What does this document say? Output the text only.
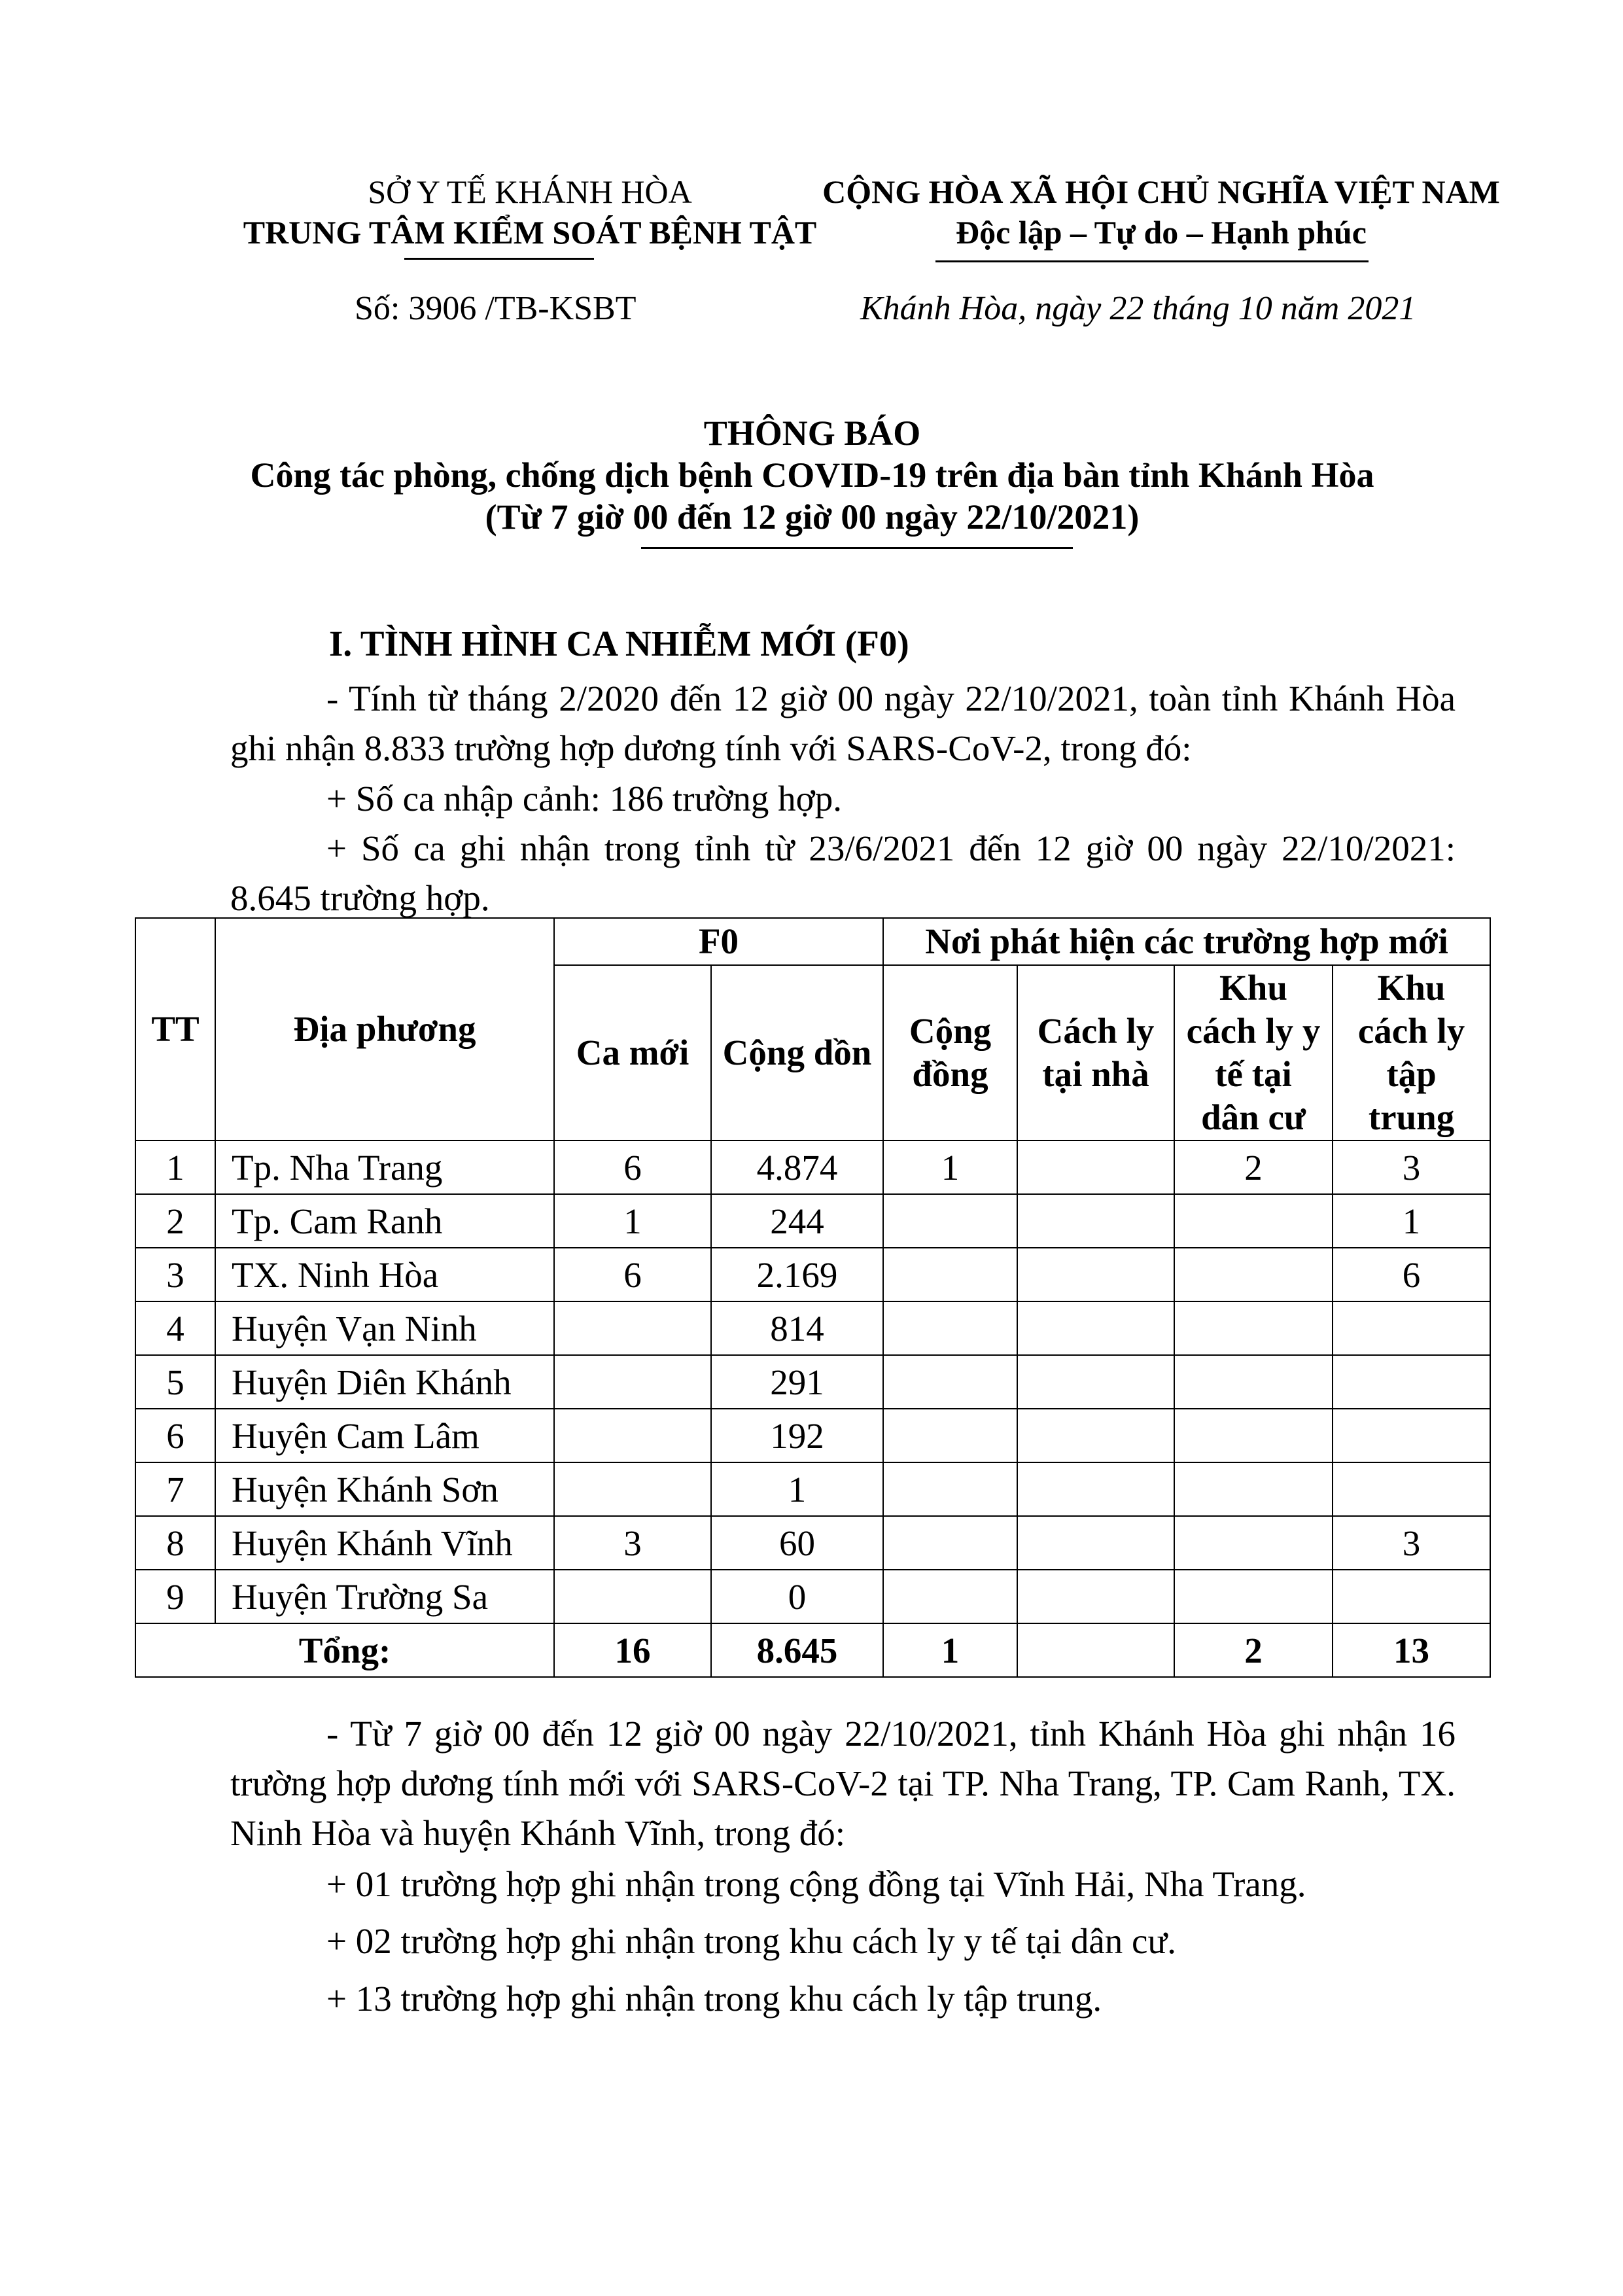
SỞ Y TẾ KHÁNH HÒA
TRUNG TÂM KIỂM SOÁT BỆNH TẬT
CỘNG HÒA XÃ HỘI CHỦ NGHĨA VIỆT NAM
Độc lập – Tự do – Hạnh phúc
Số: 3906 /TB-KSBT	Khánh Hòa, ngày 22 tháng 10 năm 2021
THÔNG BÁO
Công tác phòng, chống dịch bệnh COVID-19 trên địa bàn tỉnh Khánh Hòa
(Từ 7 giờ 00 đến 12 giờ 00 ngày 22/10/2021)
I. TÌNH HÌNH CA NHIỄM MỚI (F0)
- Tính từ tháng 2/2020 đến 12 giờ 00 ngày 22/10/2021, toàn tỉnh Khánh Hòa ghi nhận 8.833 trường hợp dương tính với SARS-CoV-2, trong đó:
+ Số ca nhập cảnh: 186 trường hợp.
+ Số ca ghi nhận trong tỉnh từ 23/6/2021 đến 12 giờ 00 ngày 22/10/2021: 8.645 trường hợp.
TT	Địa phương	F0		Nơi phát hiện các trường hợp mới			
		Ca mới	Cộng dồn	Cộng đồng	Cách ly tại nhà	Khu cách ly y tế tại dân cư	Khu cách ly tập trung
1	Tp. Nha Trang	6	4.874	1		2	3
2	Tp. Cam Ranh	1	244				1
3	TX. Ninh Hòa	6	2.169				6
4	Huyện Vạn Ninh		814				
5	Huyện Diên Khánh		291				
6	Huyện Cam Lâm		192				
7	Huyện Khánh Sơn		1				
8	Huyện Khánh Vĩnh	3	60				3
9	Huyện Trường Sa		0				
Tổng:		16	8.645	1		2	13
- Từ 7 giờ 00 đến 12 giờ 00 ngày 22/10/2021, tỉnh Khánh Hòa ghi nhận 16 trường hợp dương tính mới với SARS-CoV-2 tại TP. Nha Trang, TP. Cam Ranh, TX. Ninh Hòa và huyện Khánh Vĩnh, trong đó:
+ 01 trường hợp ghi nhận trong cộng đồng tại Vĩnh Hải, Nha Trang.
+ 02 trường hợp ghi nhận trong khu cách ly y tế tại dân cư.
+ 13 trường hợp ghi nhận trong khu cách ly tập trung.
